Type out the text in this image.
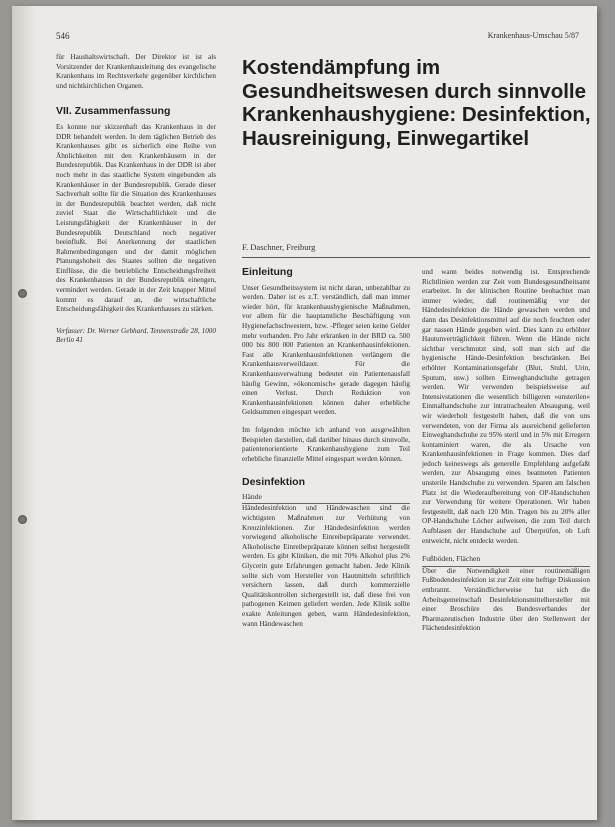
546	Krankenhaus-Umschau 5/87

für Haushaltswirtschaft. Der Direktor ist ist als Vorsitzender der Krankenhausleitung des evangelische Krankenhaus im Rechtsverkehr gegenüber kirchlichen und nichtkirchlichen Organen.

VII. Zusammenfassung

Es konnte nur skizzenhaft das Krankenhaus in der DDR behandelt werden. In dem täglichen Betrieb des Krankenhauses gibt es sicherlich eine Reihe von Ähnlichkeiten mit den Krankenhäusern in der Bundesrepublik. Das Krankenhaus in der DDR ist aber noch mehr in das staatliche System eingebunden als Krankenhäuser in der Bundesrepublik. Gerade dieser Sachverhalt sollte für die Situation des Krankenhauses in der Bundesrepublik beachtet werden, daß nicht zuviel Staat die Wirtschaftlichkeit und die Leistungsfähigkeit der Krankenhäuser in der Bundesrepublik Deutschland noch negativer beeinflußt. Bei Anerkennung der staatlichen Rahmenbedingungen und der damit möglichen Planungshoheit des Staates sollten die negativen Einflüsse, die die betriebliche Entscheidungsfreiheit des Krankenhauses in der Bundesrepublik einengen, vermindert werden. Gerade in der Zeit knapper Mittel kommt es darauf an, die wirtschaftliche Entscheidungsfähigkeit des Krankenhauses zu stärken.

Verfasser: Dr. Werner Gebhard, Tennenstraße 28, 1000 Berlin 41

Kostendämpfung im Gesundheitswesen durch sinnvolle Krankenhaushygiene: Desinfektion, Hausreinigung, Einwegartikel
F. Daschner, Freiburg

Einleitung

Unser Gesundheitssystem ist nicht daran, unbezahlbar zu werden. Daher ist es z.T. verständlich, daß man immer wieder hört, für krankenhaushygienische Maßnahmen, vor allem für die hauptamtliche Beschäftigung von Hygienefachschwestern, bzw. -Pfleger seien keine Gelder mehr vorhanden. Pro Jahr erkranken in der BRD ca. 500 000 bis 800 000 Patienten an Krankenhausinfektionen. Fast alle Krankenhausinfektionen verlängern die Krankenhausverweildauer. Für die Krankenhausverwaltung bedeutet ein Patientenausfall häufig Gewinn, »ökonomisch« gerade dagegen häufig einen Verlust. Durch Reduktion von Krankenhausinfektionen können daher erhebliche Geldsummen eingespart werden.

Im folgenden möchte ich anhand von ausgewählten Beispielen darstellen, daß darüber hinaus durch sinnvolle, patientenorientierte Krankenhaushygiene zum Teil erhebliche finanzielle Mittel eingespart werden können.

Desinfektion

Hände

Händedesinfektion und Händewaschen sind die wichtigsten Maßnahmen zur Verhütung von Kreuzinfektionen. Zur Händedesinfektion werden vorwiegend alkoholische Einreibepräparate verwendet. Alkoholische Einreibepräparate können selbst hergestellt werden. Es gibt Kliniken, die mit 70% Alkohol plus 2% Glycerin gute Erfahrungen gemacht haben. Jede Klinik sollte sich vom Hersteller von Hautmitteln schriftlich versichern lassen, daß durch kommerzielle Qualitätskontrollen sichergestellt ist, daß diese frei von pathogenen Keimen geliefert werden. Jede Klinik sollte exakte Anleitungen geben, wann Händedesinfektion, wann Händewaschen

und wann beides notwendig ist. Entsprechende Richtlinien werden zur Zeit vom Bundesgesundheitsamt erarbeitet. In der klinischen Routine beobachtet man immer wieder, daß routinemäßig vor der Händedesinfektion die Hände gewaschen werden und dann das Desinfektionsmittel auf die noch feuchten oder gar nassen Hände gegeben wird. Dies kann zu erhöhter Hautunverträglichkeit führen. Wenn die Hände nicht sichtbar verschmutzt sind, soll man sich auf die hygienische Hände-Desinfektion beschränken. Bei erhöhter Kontaminationsgefahr (Blut, Stuhl, Urin, Sputum, usw.) sollten Einweghandschuhe getragen werden. Wir verwenden beispielsweise auf Intensivstationen die wesentlich billigeren »unsterilen« Einmalhandschuhe zur intratrachealen Absaugung, weil wir wiederholt festgestellt haben, daß die von uns verwendeten, von der Firma als ausreichend gelieferten Einweghandschuhe zu 95% steril und in 5% mit Erregern kontaminiert waren, die als Ursache von Krankenhausinfektionen in Frage kommen. Dies darf jedoch keineswegs als generelle Empfehlung aufgefaßt werden, zur Absaugung eines beatmeten Patienten unsterile Handschuhe zu verwenden. Sparen am falschen Platz ist die Wiederaufbereitung von OP-Handschuhen zur Verwendung für weitere Operationen. Wir haben festgestellt, daß nach 120 Min. Tragen bis zu 20% aller OP-Handschuhe Löcher aufweisen, die zum Teil durch Aufblasen der Handschuhe auf Überprüfen, ob Luft entweicht, nicht entdeckt werden.

Fußböden, Flächen

Über die Notwendigkeit einer routinemäßigen Fußbodendesinfektion ist zur Zeit eine heftige Diskussion entbrannt. Verständlicherweise hat sich die Arbeitsgemeinschaft Desinfektionsmittelhersteller mit einer Broschüre des Bundesverbandes der Pharmazeutischen Industrie über den Stellenwert der Flächendesinfektion
